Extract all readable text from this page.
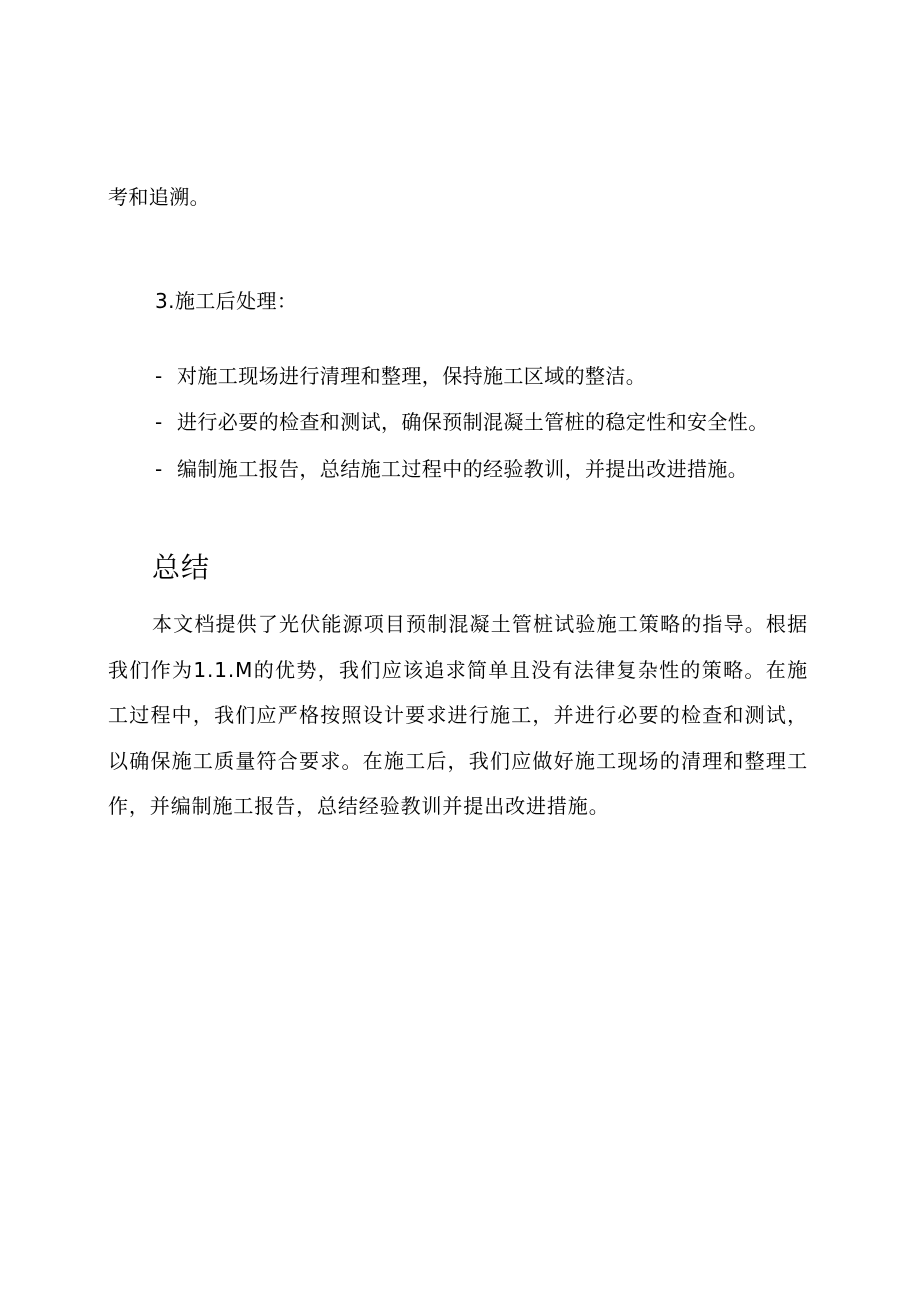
考和追溯。
3.施工后处理：
- 对施工现场进行清理和整理，保持施工区域的整洁。
- 进行必要的检查和测试，确保预制混凝土管桩的稳定性和安全性。
- 编制施工报告，总结施工过程中的经验教训，并提出改进措施。
总结

本文档提供了光伏能源项目预制混凝土管桩试验施工策略的指导。根据我们作为1.1.M的优势，我们应该追求简单且没有法律复杂性的策略。在施工过程中，我们应严格按照设计要求进行施工，并进行必要的检查和测试，以确保施工质量符合要求。在施工后，我们应做好施工现场的清理和整理工作，并编制施工报告，总结经验教训并提出改进措施。
